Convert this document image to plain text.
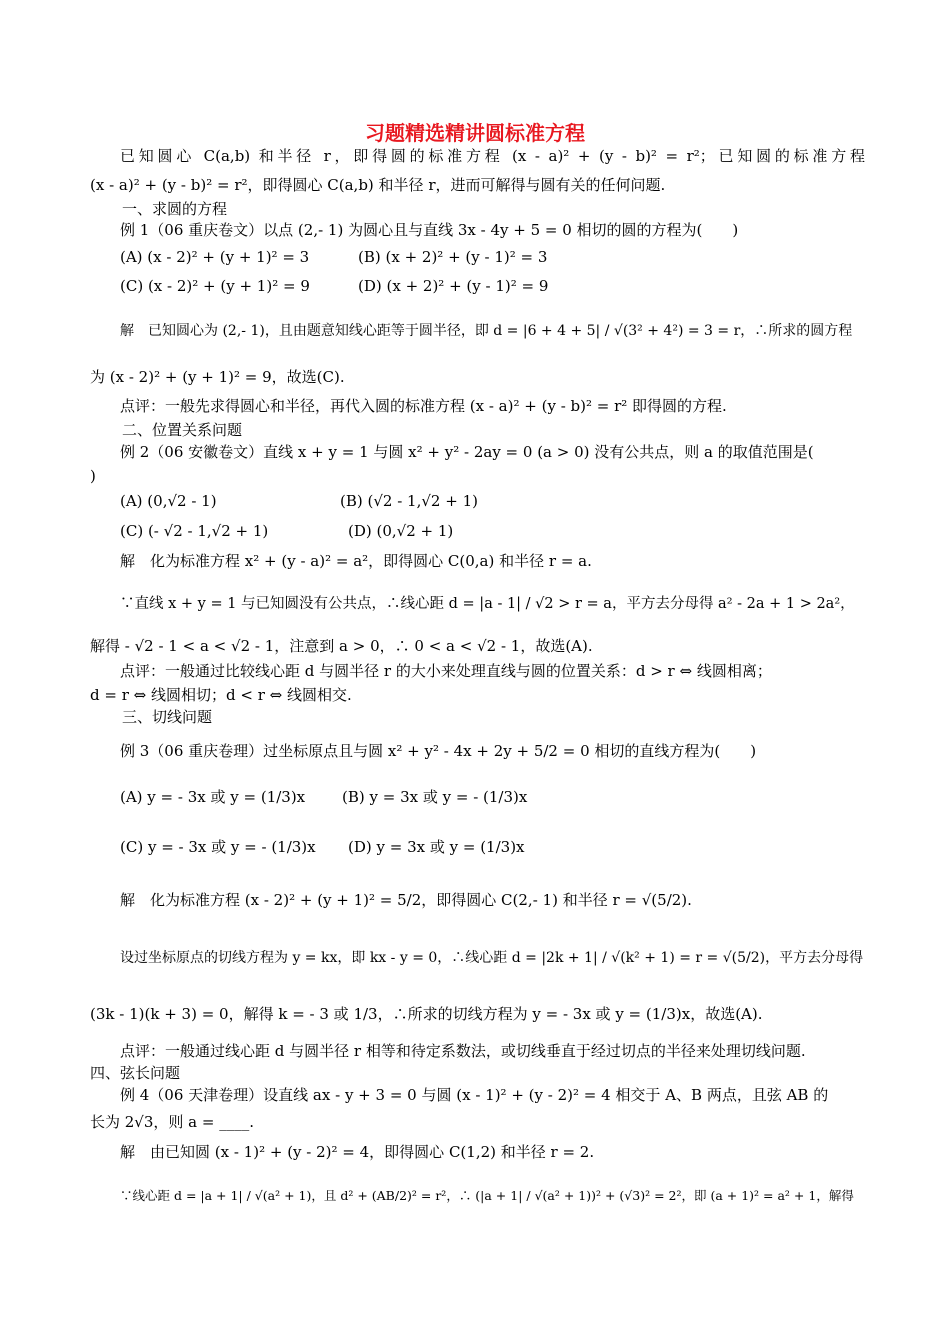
习题精选精讲圆标准方程

已知圆心 C(a,b) 和半径 r，即得圆的标准方程 (x - a)² + (y - b)² = r²；已知圆的标准方程

(x - a)² + (y - b)² = r²，即得圆心 C(a,b) 和半径 r，进而可解得与圆有关的任何问题.

一、求圆的方程

例 1（06 重庆卷文）以点 (2,- 1) 为圆心且与直线 3x - 4y + 5 = 0 相切的圆的方程为(　　)

(A) (x - 2)² + (y + 1)² = 3	(B) (x + 2)² + (y - 1)² = 3

(C) (x - 2)² + (y + 1)² = 9	(D) (x + 2)² + (y - 1)² = 9

解　已知圆心为 (2,- 1)，且由题意知线心距等于圆半径，即 d = |6 + 4 + 5| / √(3² + 4²) = 3 = r，∴所求的圆方程

为 (x - 2)² + (y + 1)² = 9，故选(C).

点评：一般先求得圆心和半径，再代入圆的标准方程 (x - a)² + (y - b)² = r² 即得圆的方程.

二、位置关系问题

例 2（06 安徽卷文）直线 x + y = 1 与圆 x² + y² - 2ay = 0 (a > 0) 没有公共点，则 a 的取值范围是(

)

(A) (0,√2 - 1)	(B) (√2 - 1,√2 + 1)

(C) (- √2 - 1,√2 + 1)	(D) (0,√2 + 1)

解　化为标准方程 x² + (y - a)² = a²，即得圆心 C(0,a) 和半径 r = a.

∵直线 x + y = 1 与已知圆没有公共点，∴线心距 d = |a - 1| / √2 > r = a，平方去分母得 a² - 2a + 1 > 2a²，

解得 - √2 - 1 < a < √2 - 1，注意到 a > 0，∴ 0 < a < √2 - 1，故选(A).

点评：一般通过比较线心距 d 与圆半径 r 的大小来处理直线与圆的位置关系：d > r ⇔ 线圆相离；

d = r ⇔ 线圆相切；d < r ⇔ 线圆相交.

三、切线问题

例 3（06 重庆卷理）过坐标原点且与圆 x² + y² - 4x + 2y + 5/2 = 0 相切的直线方程为(　　)

(A) y = - 3x 或 y = (1/3)x (B) y = 3x 或 y = - (1/3)x

(C) y = - 3x 或 y = - (1/3)x (D) y = 3x 或 y = (1/3)x

解　化为标准方程 (x - 2)² + (y + 1)² = 5/2，即得圆心 C(2,- 1) 和半径 r = √(5/2).

设过坐标原点的切线方程为 y = kx，即 kx - y = 0，∴线心距 d = |2k + 1| / √(k² + 1) = r = √(5/2)，平方去分母得

(3k - 1)(k + 3) = 0，解得 k = - 3 或 1/3，∴所求的切线方程为 y = - 3x 或 y = (1/3)x，故选(A).

点评：一般通过线心距 d 与圆半径 r 相等和待定系数法，或切线垂直于经过切点的半径来处理切线问题.

四、弦长问题

例 4（06 天津卷理）设直线 ax - y + 3 = 0 与圆 (x - 1)² + (y - 2)² = 4 相交于 A、B 两点，且弦 AB 的

长为 2√3，则 a = ____.

解　由已知圆 (x - 1)² + (y - 2)² = 4，即得圆心 C(1,2) 和半径 r = 2.

∵线心距 d = |a + 1| / √(a² + 1)，且 d² + (AB/2)² = r²，∴ (|a + 1| / √(a² + 1))² + (√3)² = 2²，即 (a + 1)² = a² + 1，解得
